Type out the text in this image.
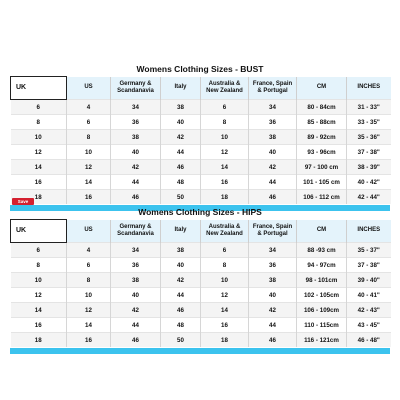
Womens Clothing Sizes - BUST
UK	US	Germany & Scandanavia	Italy	Australia & New Zealand	France, Spain & Portugal	CM	INCHES
6	4	34	38	6	34	80 - 84cm	31 - 33"
8	6	36	40	8	36	85 - 88cm	33 - 35"
10	8	38	42	10	38	89 - 92cm	35 - 36"
12	10	40	44	12	40	93 - 96cm	37 - 38"
14	12	42	46	14	42	97 - 100 cm	38 - 39"
16	14	44	48	16	44	101 - 105 cm	40 - 42"
18	16	46	50	18	46	106 - 112 cm	42 - 44"
Save
Womens Clothing Sizes - HIPS
UK	US	Germany & Scandanavia	Italy	Australia & New Zealand	France, Spain & Portugal	CM	INCHES
6	4	34	38	6	34	88 -93 cm	35 - 37"
8	6	36	40	8	36	94 - 97cm	37 - 38"
10	8	38	42	10	38	98 - 101cm	39 - 40"
12	10	40	44	12	40	102 - 105cm	40 - 41"
14	12	42	46	14	42	106 - 109cm	42 - 43"
16	14	44	48	16	44	110 - 115cm	43 - 45"
18	16	46	50	18	46	116 - 121cm	46 - 48"
